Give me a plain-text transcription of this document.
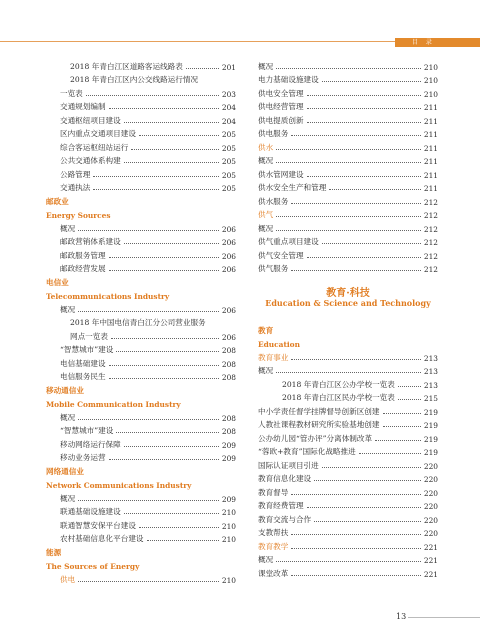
目 录
2018 年青白江区道路客运线路表	201
2018 年青白江区内公交线路运行情况
一览表	203
交通规划编制	204
交通枢纽项目建设	204
区内重点交通项目建设	205
综合客运枢纽站运行	205
公共交通体系构建	205
公路管理	205
交通执法	205
邮政业
Energy Sources
概况	206
邮政营销体系建设	206
邮政服务管理	206
邮政经营发展	206
电信业
Telecommunications Industry
概况	206
2018 年中国电信青白江分公司营业服务
网点一览表	206
“智慧城市”建设	208
电信基础建设	208
电信服务民生	208
移动通信业
Mobile Communication Industry
概况	208
“智慧城市”建设	208
移动网络运行保障	209
移动业务运营	209
网络通信业
Network Communications Industry
概况	209
联通基础设施建设	210
联通智慧安保平台建设	210
农村基础信息化平台建设	210
能源
The Sources of Energy
供电	210
概况	210
电力基础设施建设	210
供电安全管理	210
供电经营管理	211
供电提质创新	211
供电服务	211
供水	211
概况	211
供水管网建设	211
供水安全生产和管理	211
供水服务	212
供气	212
概况	212
供气重点项目建设	212
供气安全管理	212
供气服务	212
教育·科技
Education & Science and Technology
教育
Education
教育事业	213
概况	213
2018 年青白江区公办学校一览表	213
2018 年青白江区民办学校一览表	215
中小学责任督学挂牌督导创新区创建	219
人教社课程教材研究所实验基地创建	219
公办幼儿园“管办评”分离体制改革	219
“蓉欧+教育”国际化战略推进	219
国际认证项目引进	220
教育信息化建设	220
教育督导	220
教育经费管理	220
教育交流与合作	220
支教帮扶	220
教育教学	221
概况	221
课堂改革	221
13
